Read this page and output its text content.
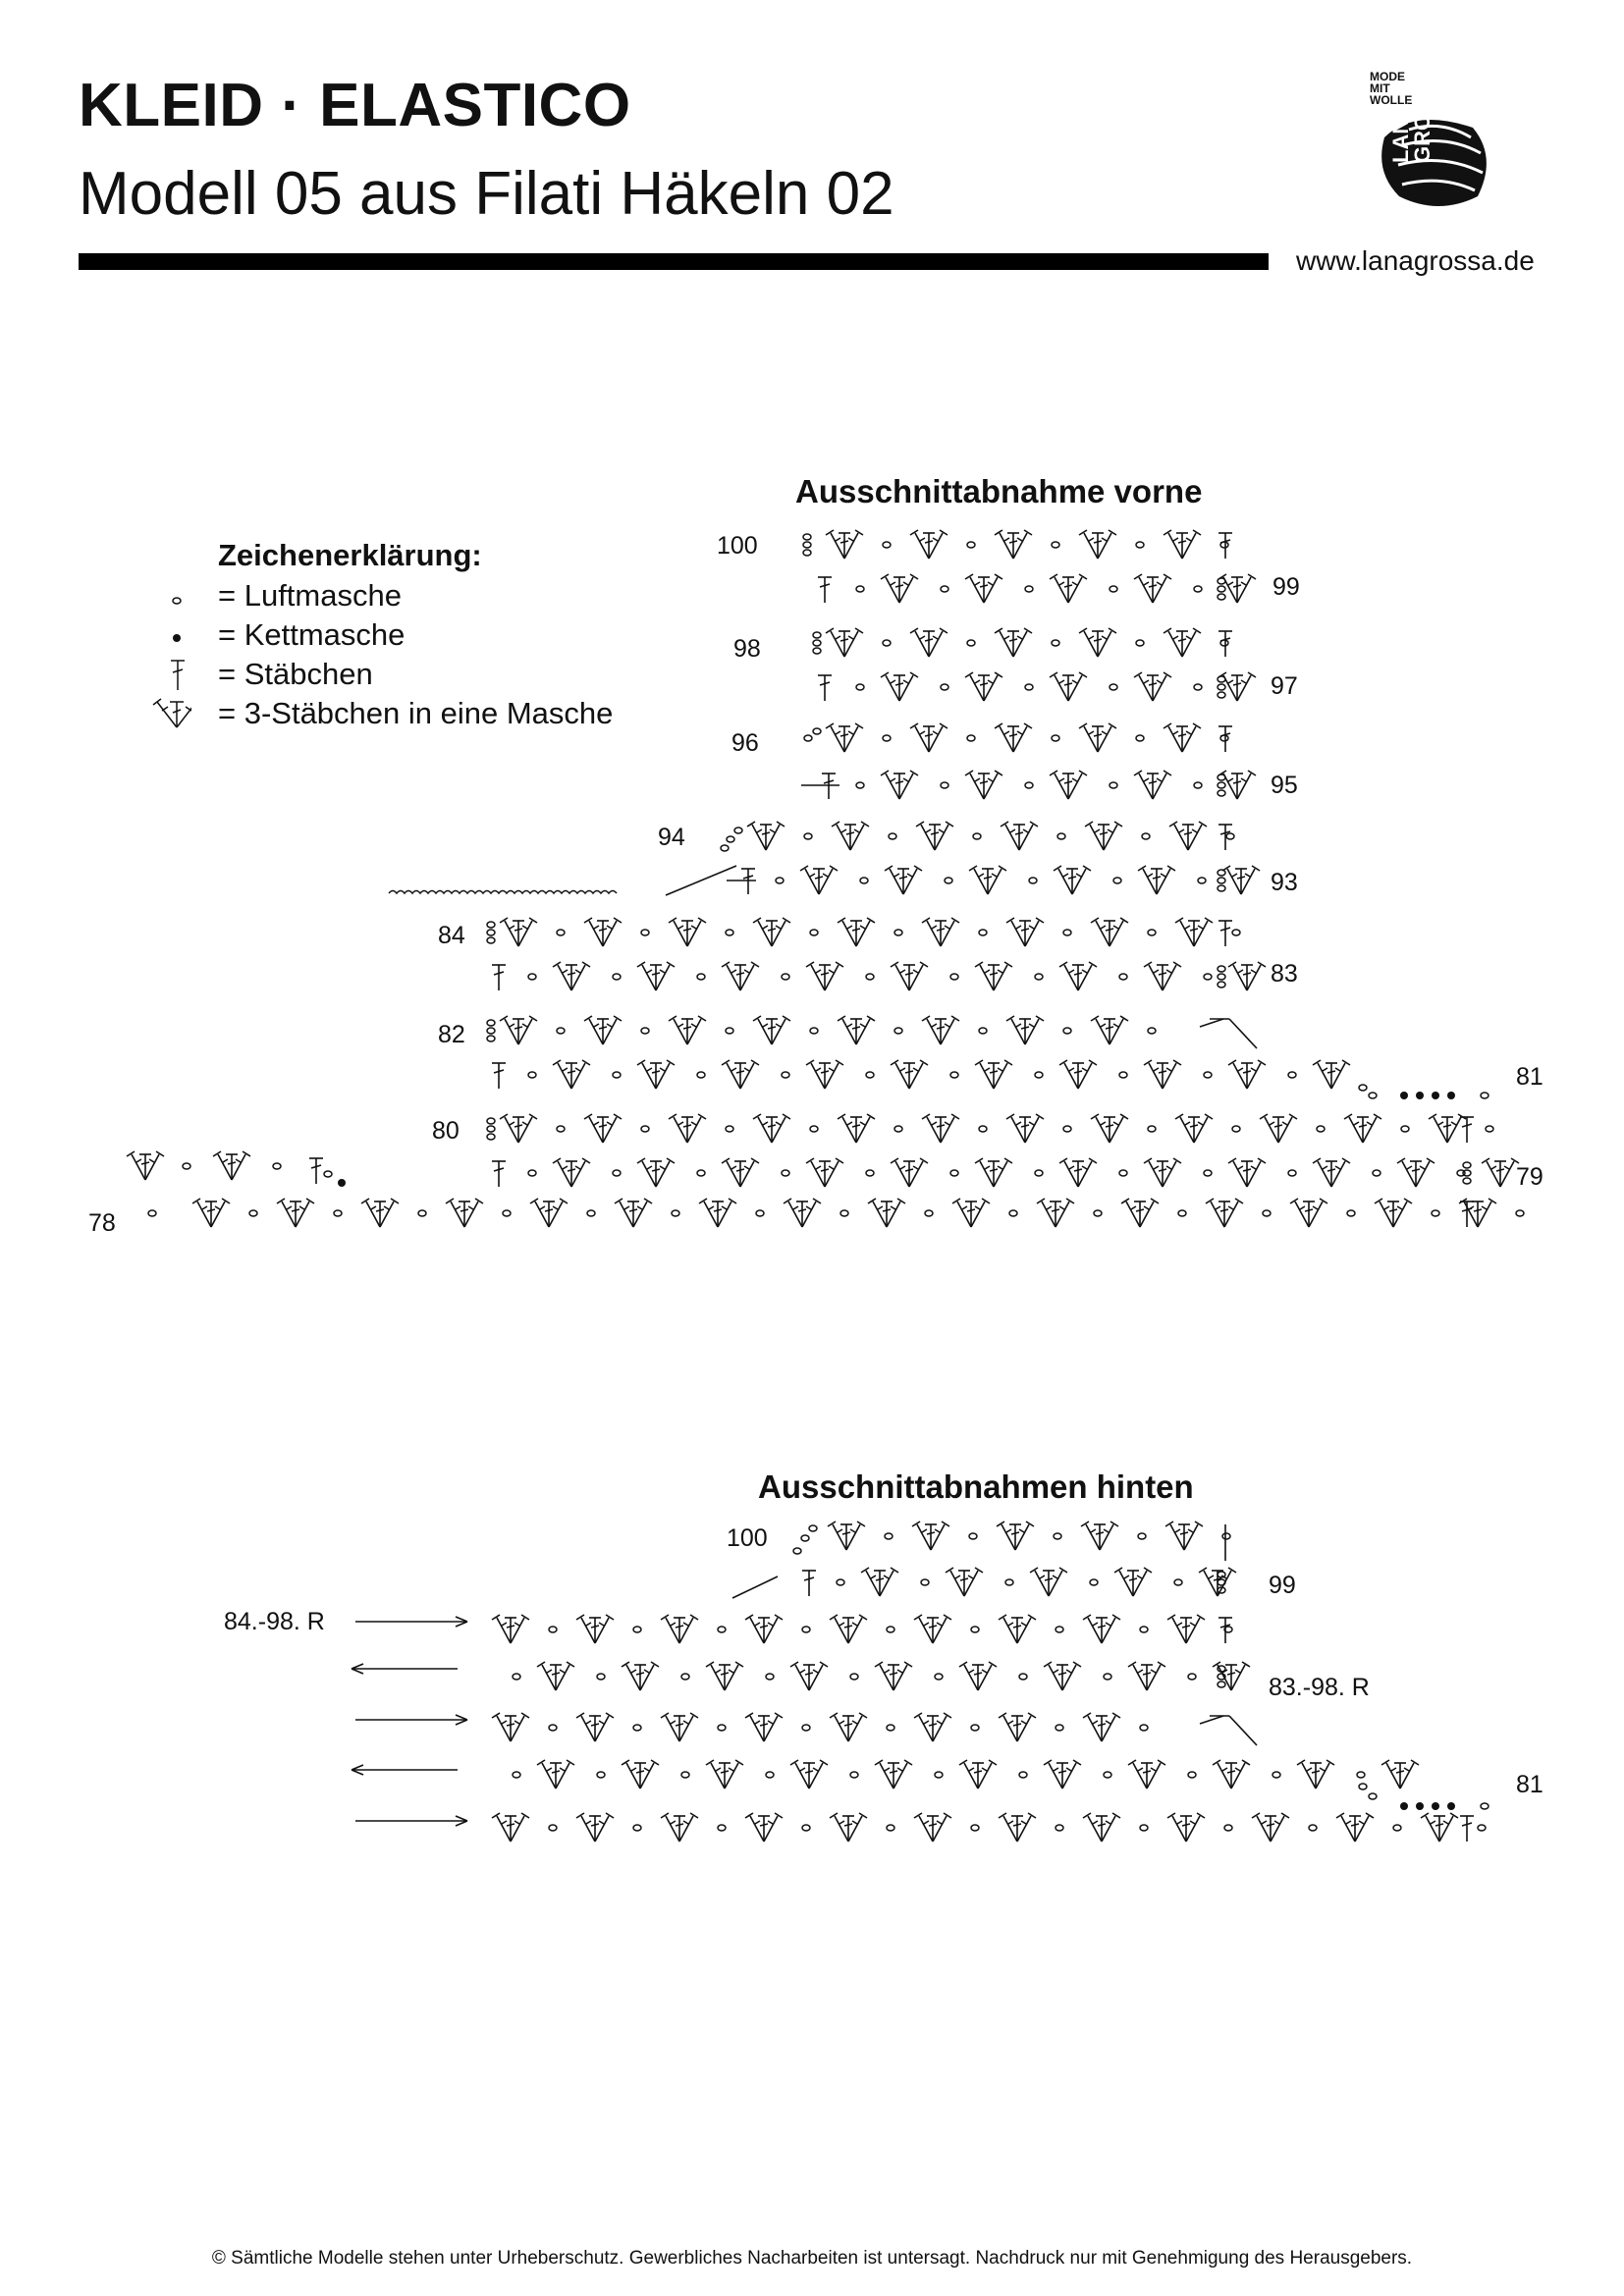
KLEID · ELASTICO
Modell 05 aus Filati Häkeln 02
www.lanagrossa.de
MODE
MIT
WOLLE
LANA GROSSA
Zeichenerklärung:
= Luftmasche
= Kettmasche
= Stäbchen
= 3-Stäbchen in eine Masche
Ausschnittabnahme vorne
Ausschnittabnahmen hinten
100
99
98
97
96
95
94
93
84
83
82
81
80
79
78
100
99
84.-98. R
83.-98. R
81
© Sämtliche Modelle stehen unter Urheberschutz. Gewerbliches Nacharbeiten ist untersagt. Nachdruck nur mit Genehmigung des Herausgebers.
